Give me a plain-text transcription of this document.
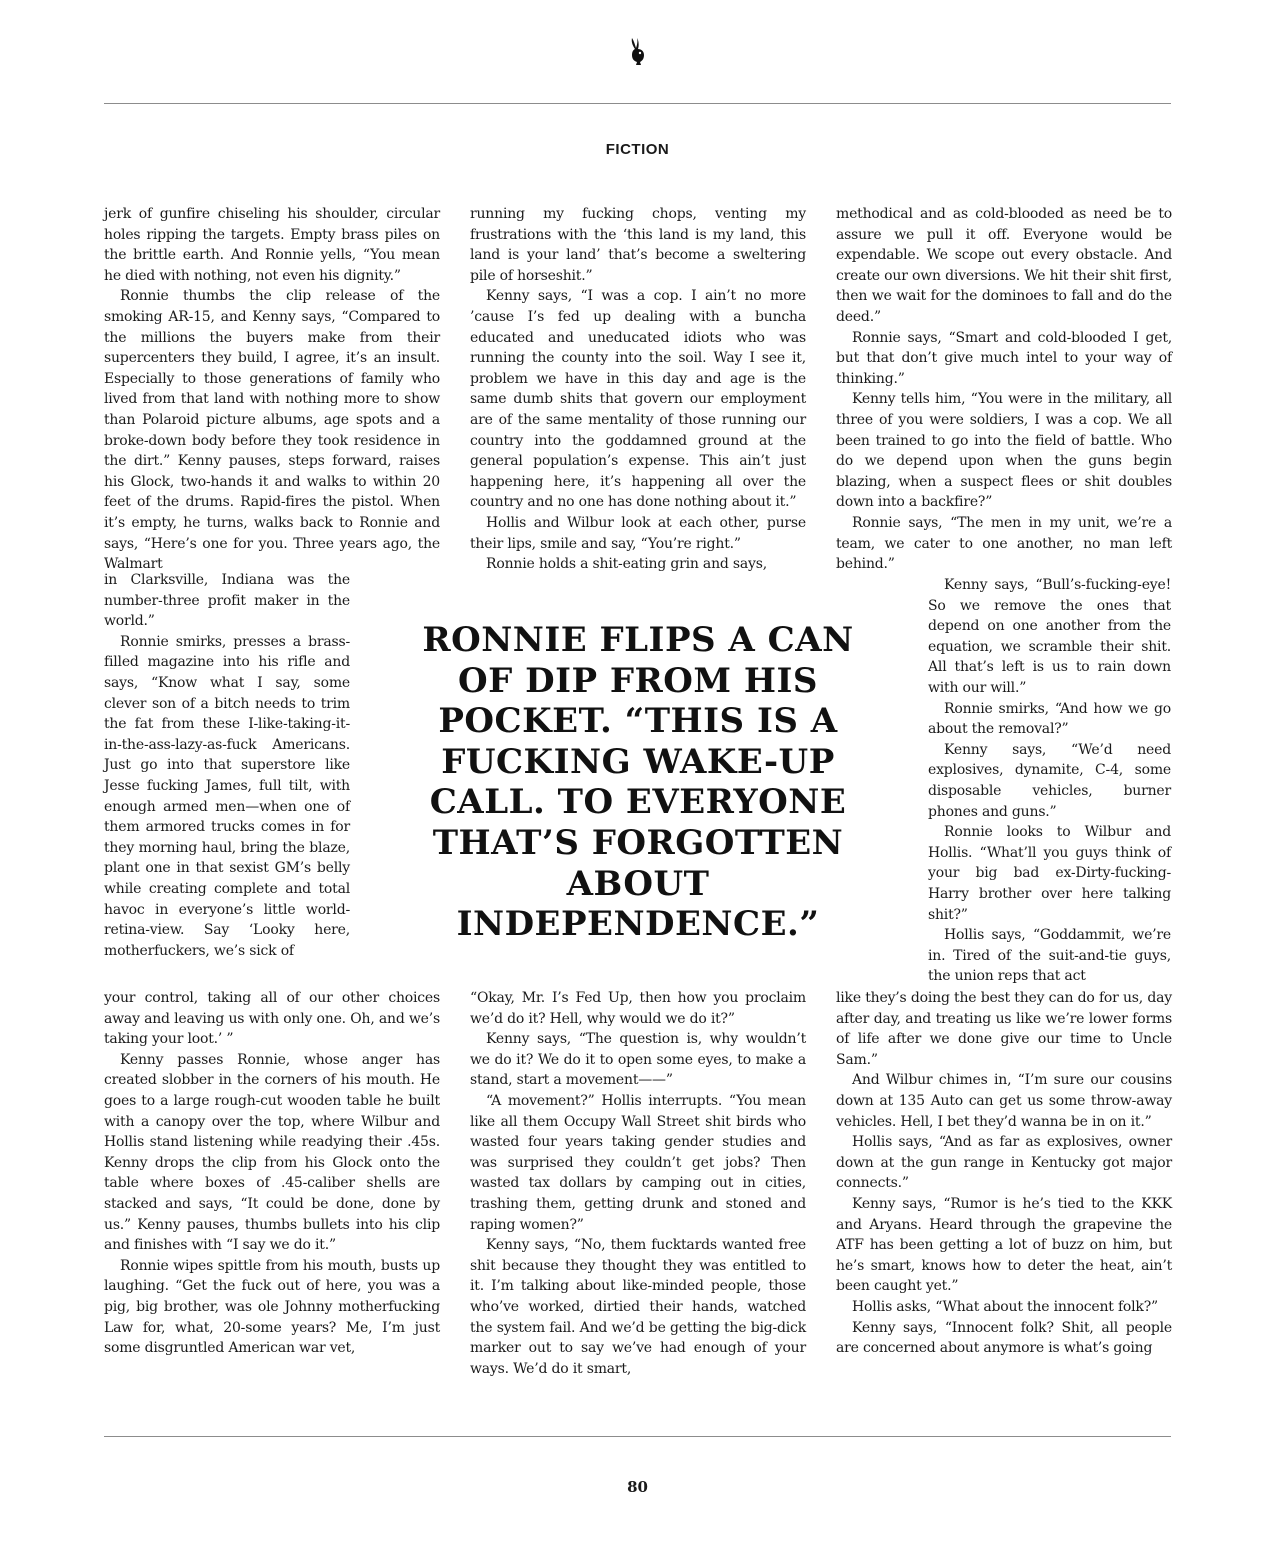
FICTION

jerk of gunfire chiseling his shoulder, circular holes ripping the targets. Empty brass piles on the brittle earth. And Ronnie yells, “You mean he died with nothing, not even his dignity.”

Ronnie thumbs the clip release of the smoking AR-15, and Kenny says, “Compared to the millions the buyers make from their supercenters they build, I agree, it’s an insult. Especially to those generations of family who lived from that land with nothing more to show than Polaroid picture albums, age spots and a broke-down body before they took residence in the dirt.” Kenny pauses, steps forward, raises his Glock, two-hands it and walks to within 20 feet of the drums. Rapid-fires the pistol. When it’s empty, he turns, walks back to Ronnie and says, “Here’s one for you. Three years ago, the Walmart

in Clarksville, Indiana was the number-three profit maker in the world.”

Ronnie smirks, presses a brass-filled magazine into his rifle and says, “Know what I say, some clever son of a bitch needs to trim the fat from these I-like-taking-it-in-the-ass-lazy-as-fuck Americans. Just go into that superstore like Jesse fucking James, full tilt, with enough armed men—when one of them armored trucks comes in for they morning haul, bring the blaze, plant one in that sexist GM’s belly while creating complete and total havoc in everyone’s little world-retina-view. Say ‘Looky here, motherfuckers, we’s sick of

your control, taking all of our other choices away and leaving us with only one. Oh, and we’s taking your loot.’ ”

Kenny passes Ronnie, whose anger has created slobber in the corners of his mouth. He goes to a large rough-cut wooden table he built with a canopy over the top, where Wilbur and Hollis stand listening while readying their .45s. Kenny drops the clip from his Glock onto the table where boxes of .45-caliber shells are stacked and says, “It could be done, done by us.” Kenny pauses, thumbs bullets into his clip and finishes with “I say we do it.”

Ronnie wipes spittle from his mouth, busts up laughing. “Get the fuck out of here, you was a pig, big brother, was ole Johnny motherfucking Law for, what, 20-some years? Me, I’m just some disgruntled American war vet,

running my fucking chops, venting my frustrations with the ‘this land is my land, this land is your land’ that’s become a sweltering pile of horseshit.”

Kenny says, “I was a cop. I ain’t no more ’cause I’s fed up dealing with a buncha educated and uneducated idiots who was running the county into the soil. Way I see it, problem we have in this day and age is the same dumb shits that govern our employment are of the same mentality of those running our country into the goddamned ground at the general population’s expense. This ain’t just happening here, it’s happening all over the country and no one has done nothing about it.”

Hollis and Wilbur look at each other, purse their lips, smile and say, “You’re right.”

Ronnie holds a shit-eating grin and says,

RONNIE FLIPS A CAN OF DIP FROM HIS POCKET. “THIS IS A FUCKING WAKE-UP CALL. TO EVERYONE THAT’S FORGOTTEN ABOUT INDEPENDENCE.”

“Okay, Mr. I’s Fed Up, then how you proclaim we’d do it? Hell, why would we do it?”

Kenny says, “The question is, why wouldn’t we do it? We do it to open some eyes, to make a stand, start a movement——”

“A movement?” Hollis interrupts. “You mean like all them Occupy Wall Street shit birds who wasted four years taking gender studies and was surprised they couldn’t get jobs? Then wasted tax dollars by camping out in cities, trashing them, getting drunk and stoned and raping women?”

Kenny says, “No, them fucktards wanted free shit because they thought they was entitled to it. I’m talking about like-minded people, those who’ve worked, dirtied their hands, watched the system fail. And we’d be getting the big-dick marker out to say we’ve had enough of your ways. We’d do it smart,

methodical and as cold-blooded as need be to assure we pull it off. Everyone would be expendable. We scope out every obstacle. And create our own diversions. We hit their shit first, then we wait for the dominoes to fall and do the deed.”

Ronnie says, “Smart and cold-blooded I get, but that don’t give much intel to your way of thinking.”

Kenny tells him, “You were in the military, all three of you were soldiers, I was a cop. We all been trained to go into the field of battle. Who do we depend upon when the guns begin blazing, when a suspect flees or shit doubles down into a backfire?”

Ronnie says, “The men in my unit, we’re a team, we cater to one another, no man left behind.”

Kenny says, “Bull’s-fucking-eye! So we remove the ones that depend on one another from the equation, we scramble their shit. All that’s left is us to rain down with our will.”

Ronnie smirks, “And how we go about the removal?”

Kenny says, “We’d need explosives, dynamite, C-4, some disposable vehicles, burner phones and guns.”

Ronnie looks to Wilbur and Hollis. “What’ll you guys think of your big bad ex-Dirty-fucking-Harry brother over here talking shit?”

Hollis says, “Goddammit, we’re in. Tired of the suit-and-tie guys, the union reps that act

like they’s doing the best they can do for us, day after day, and treating us like we’re lower forms of life after we done give our time to Uncle Sam.”

And Wilbur chimes in, “I’m sure our cousins down at 135 Auto can get us some throw-away vehicles. Hell, I bet they’d wanna be in on it.”

Hollis says, “And as far as explosives, owner down at the gun range in Kentucky got major connects.”

Kenny says, “Rumor is he’s tied to the KKK and Aryans. Heard through the grapevine the ATF has been getting a lot of buzz on him, but he’s smart, knows how to deter the heat, ain’t been caught yet.”

Hollis asks, “What about the innocent folk?”

Kenny says, “Innocent folk? Shit, all people are concerned about anymore is what’s going

80
